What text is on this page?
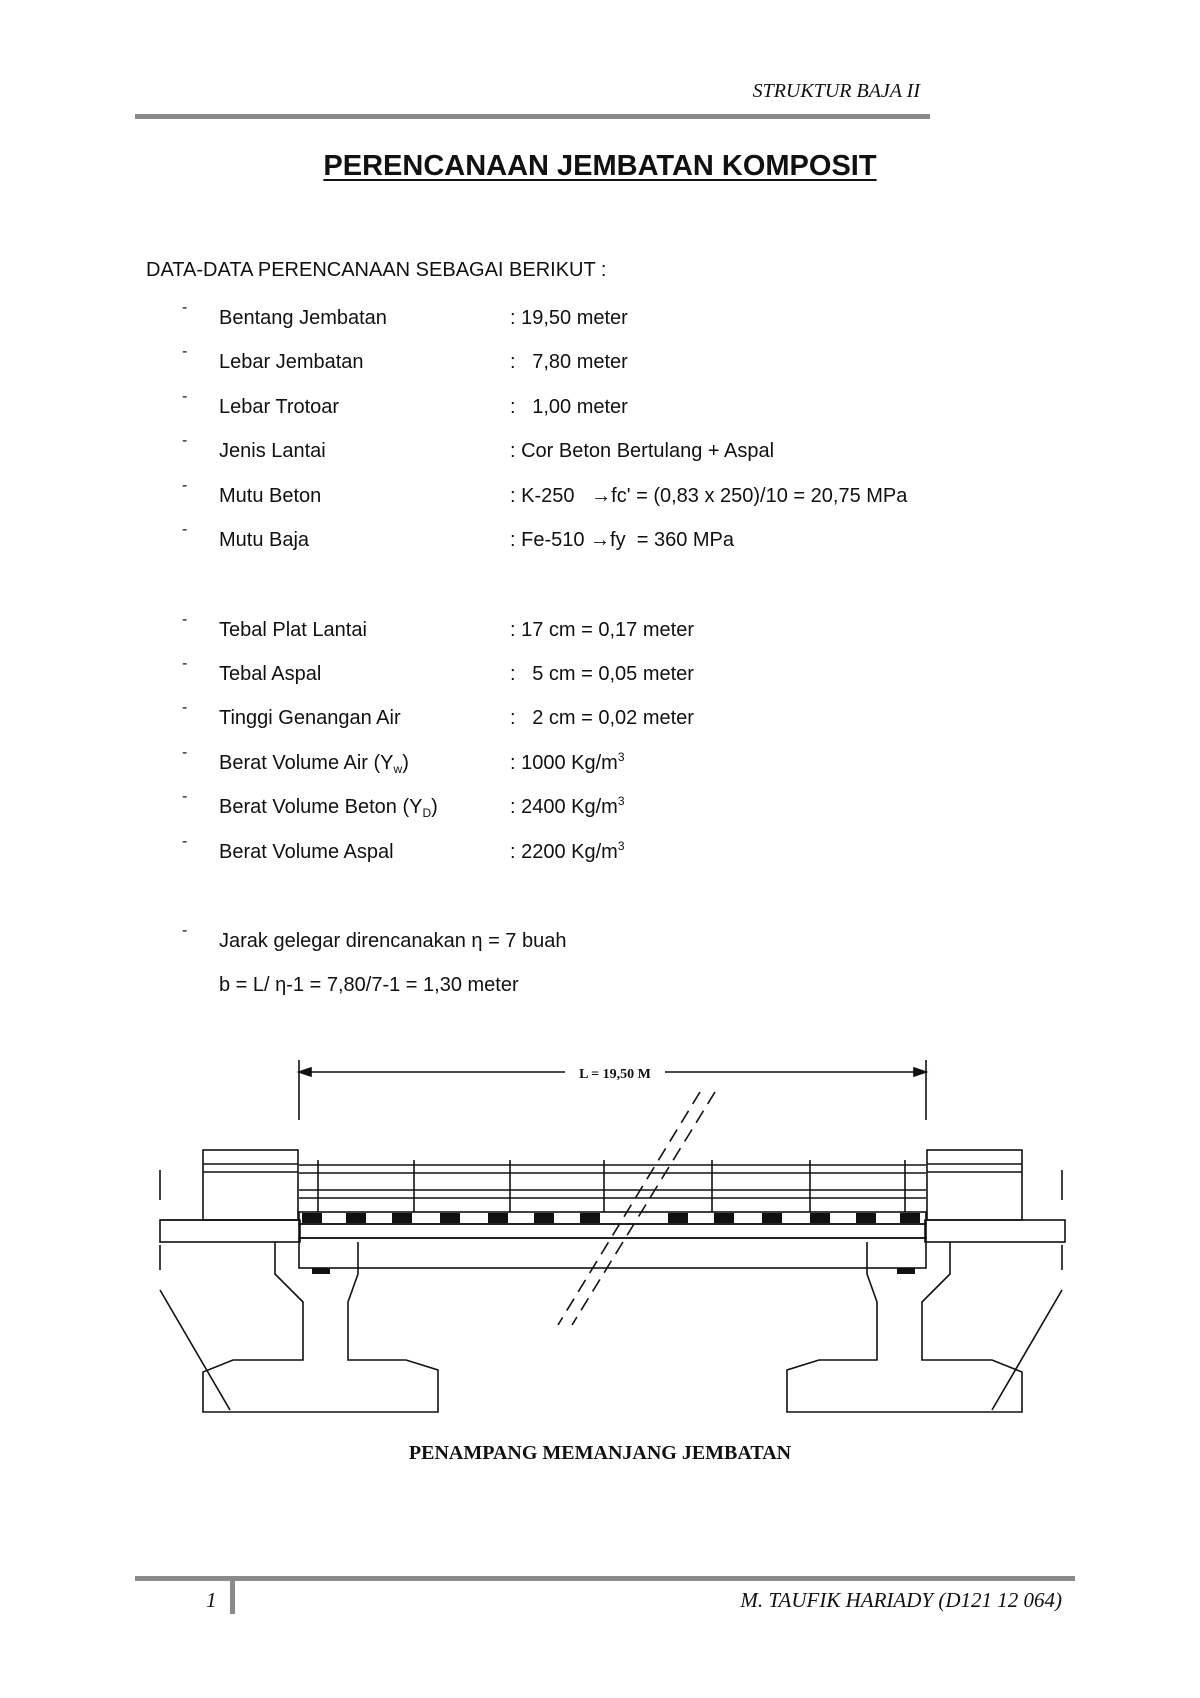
STRUKTUR BAJA II
PERENCANAAN JEMBATAN KOMPOSIT
DATA-DATA PERENCANAAN SEBAGAI BERIKUT :
- Bentang Jembatan	: 19,50 meter
- Lebar Jembatan	:   7,80 meter
- Lebar Trotoar	:   1,00 meter
- Jenis Lantai	: Cor Beton Bertulang + Aspal
- Mutu Beton	: K-250   →fc' = (0,83 x 250)/10 = 20,75 MPa
- Mutu Baja	: Fe-510 →fy  = 360 MPa
- Tebal Plat Lantai	: 17 cm = 0,17 meter
- Tebal Aspal	:   5 cm = 0,05 meter
- Tinggi Genangan Air	:   2 cm = 0,02 meter
- Berat Volume Air $(Y_w)$	: 1000 $Kg/m^3$
- Berat Volume Beton $(Y_D)$	: 2400 $Kg/m^3$
- Berat Volume Aspal	: 2200 $Kg/m^3$
- Jarak gelegar direncanakan η = 7 buah
b = L/ η-1 = 7,80/7-1 = 1,30 meter
L = 19,50 M
PENAMPANG MEMANJANG JEMBATAN
1	M. TAUFIK HARIADY (D121 12 064)
